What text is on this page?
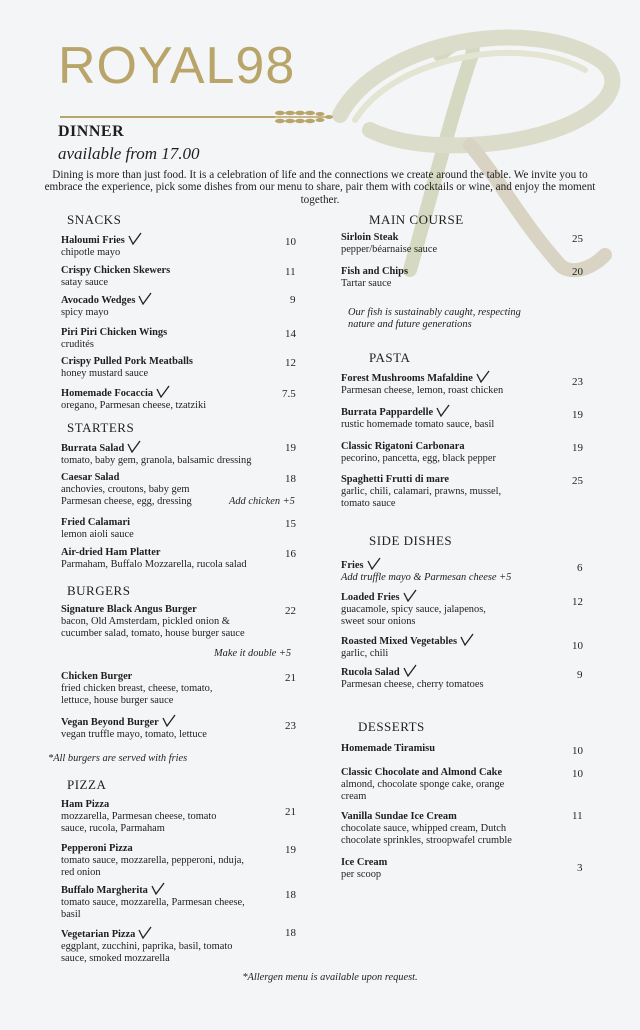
ROYAL98
DINNER
available from 17.00
Dining is more than just food. It is a celebration of life and the connections we create around the table. We invite you to embrace the experience, pick some dishes from our menu to share, pair them with cocktails or wine, and enjoy the moment together.
SNACKS
Haloumi Fries
chipotle mayo
10
Crispy Chicken Skewers
satay sauce
11
Avocado Wedges
spicy mayo
9
Piri Piri Chicken Wings
crudités
14
Crispy Pulled Pork Meatballs
honey mustard sauce
12
Homemade Focaccia
oregano, Parmesan cheese, tzatziki
7.5
STARTERS
Burrata Salad
tomato, baby gem, granola, balsamic dressing
19
Caesar Salad
anchovies, croutons, baby gem
Parmesan cheese, egg, dressing
18
Add chicken +5
Fried Calamari
lemon aioli sauce
15
Air-dried Ham Platter
Parmaham, Buffalo Mozzarella, rucola salad
16
BURGERS
Signature Black Angus Burger
bacon, Old Amsterdam, pickled onion &
cucumber salad, tomato, house burger sauce
22
Make it double +5
Chicken Burger
fried chicken breast, cheese, tomato,
lettuce, house burger sauce
21
Vegan Beyond Burger
vegan truffle mayo, tomato, lettuce
23
*All burgers are served with fries
PIZZA
Ham Pizza
mozzarella, Parmesan cheese, tomato
sauce, rucola, Parmaham
21
Pepperoni Pizza
tomato sauce, mozzarella, pepperoni, nduja,
red onion
19
Buffalo Margherita
tomato sauce, mozzarella, Parmesan cheese,
basil
18
Vegetarian Pizza
eggplant, zucchini, paprika, basil, tomato
sauce, smoked mozzarella
18
MAIN COURSE
Sirloin Steak
pepper/béarnaise sauce
25
Fish and Chips
Tartar sauce
20
Our fish is sustainably caught, respecting
nature and future generations
PASTA
Forest Mushrooms Mafaldine
Parmesan cheese, lemon, roast chicken
23
Burrata Pappardelle
rustic homemade tomato sauce, basil
19
Classic Rigatoni Carbonara
pecorino, pancetta, egg, black pepper
19
Spaghetti Frutti di mare
garlic, chili, calamari, prawns, mussel,
tomato sauce
25
SIDE DISHES
Fries
Add truffle mayo & Parmesan cheese +5
6
Loaded Fries
guacamole, spicy sauce, jalapenos,
sweet sour onions
12
Roasted Mixed Vegetables
garlic, chili
10
Rucola Salad
Parmesan cheese, cherry tomatoes
9
DESSERTS
Homemade Tiramisu	10
Classic Chocolate and Almond Cake
almond, chocolate sponge cake, orange
cream
10
Vanilla Sundae Ice Cream
chocolate sauce, whipped cream, Dutch
chocolate sprinkles, stroopwafel crumble
11
Ice Cream
per scoop
3
*Allergen menu is available upon request.
